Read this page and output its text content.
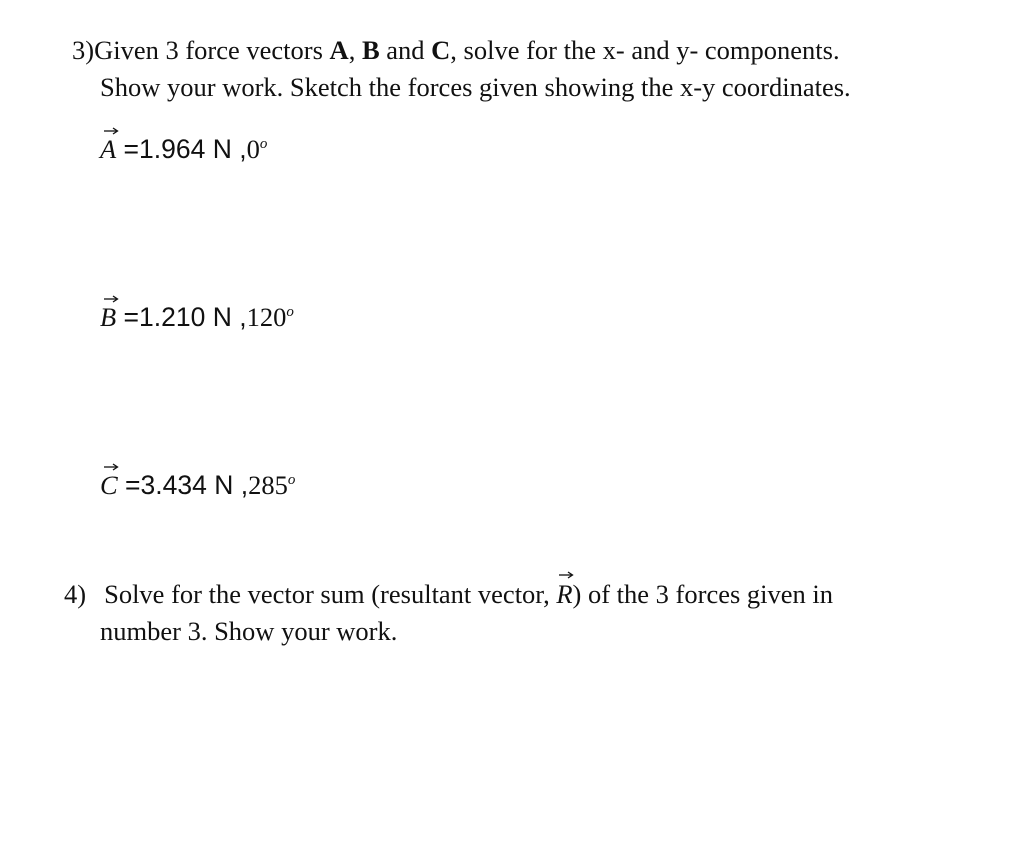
3)Given 3 force vectors A, B and C, solve for the x- and y- components.
Show your work. Sketch the forces given showing the x-y coordinates.
A =1.964 N ,0$^o$
B =1.210 N ,120$^o$
C =3.434 N ,285$^o$
4) Solve for the vector sum (resultant vector,
R) of the 3 forces given in
number 3. Show your work.
